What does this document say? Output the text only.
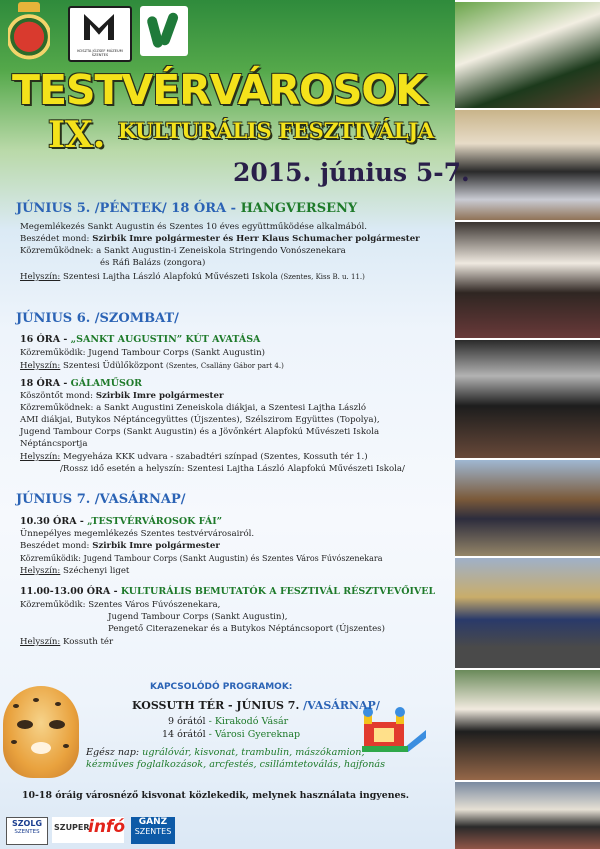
KOSZTA JÓZSEF MÚZEUM SZENTES
TESTVÉRVÁROSOK
IX. KULTURÁLIS FESZTIVÁLJA
2015. június 5-7.
JÚNIUS 5. /PÉNTEK/ 18 ÓRA - HANGVERSENY
Megemlékezés Sankt Augustin és Szentes 10 éves együttműködése alkalmából.
Beszédet mond: Szirbik Imre polgármester és Herr Klaus Schumacher polgármester
Közreműködnek: a Sankt Augustin-i Zeneiskola Stringendo Vonószenekara
és Ráfi Balázs (zongora)
Helyszín: Szentesi Lajtha László Alapfokú Művészeti Iskola (Szentes, Kiss B. u. 11.)
JÚNIUS 6. /SZOMBAT/
16 ÓRA - „SANKT AUGUSTIN” KÚT AVATÁSA
Közreműködik: Jugend Tambour Corps (Sankt Augustin)
Helyszín: Szentesi Üdülőközpont (Szentes, Csallány Gábor part 4.)
18 ÓRA - GÁLAMŰSOR
Köszöntőt mond: Szirbik Imre polgármester
Közreműködnek: a Sankt Augustini Zeneiskola diákjai, a Szentesi Lajtha László
AMI diákjai, Butykos Néptáncegyüttes (Újszentes), Szélszirom Együttes (Topolya),
Jugend Tambour Corps (Sankt Augustin) és a Jövőnkért Alapfokú Művészeti Iskola
Néptáncsportja
Helyszín: Megyeháza KKK udvara - szabadtéri színpad (Szentes, Kossuth tér 1.)
/Rossz idő esetén a helyszín: Szentesi Lajtha László Alapfokú Művészeti Iskola/
JÚNIUS 7. /VASÁRNAP/
10.30 ÓRA - „TESTVÉRVÁROSOK FÁI”
Ünnepélyes megemlékezés Szentes testvérvárosairól.
Beszédet mond: Szirbik Imre polgármester
Közreműködik: Jugend Tambour Corps (Sankt Augustin) és Szentes Város Fúvószenekara
Helyszín: Széchenyi liget
11.00-13.00 ÓRA - KULTURÁLIS BEMUTATÓK A FESZTIVÁL RÉSZTVEVŐIVEL
Közreműködik: Szentes Város Fúvószenekara,
Jugend Tambour Corps (Sankt Augustin),
Pengető Citerazenekar és a Butykos Néptáncsoport (Újszentes)
Helyszín: Kossuth tér
KAPCSOLÓDÓ PROGRAMOK:
KOSSUTH TÉR - JÚNIUS 7. /VASÁRNAP/
9 órától - Kirakodó Vásár
14 órától - Városi Gyereknap
Egész nap: ugrálóvár, kisvonat, trambulin, mászókamion, kézműves foglalkozások, arcfestés, csillámtetoválás, hajfonás
10-18 óráig városnéző kisvonat közlekedik, melynek használata ingyenes.
SZOLG
SZENTES	SZUPER
infó	GANZ
SZENTES
